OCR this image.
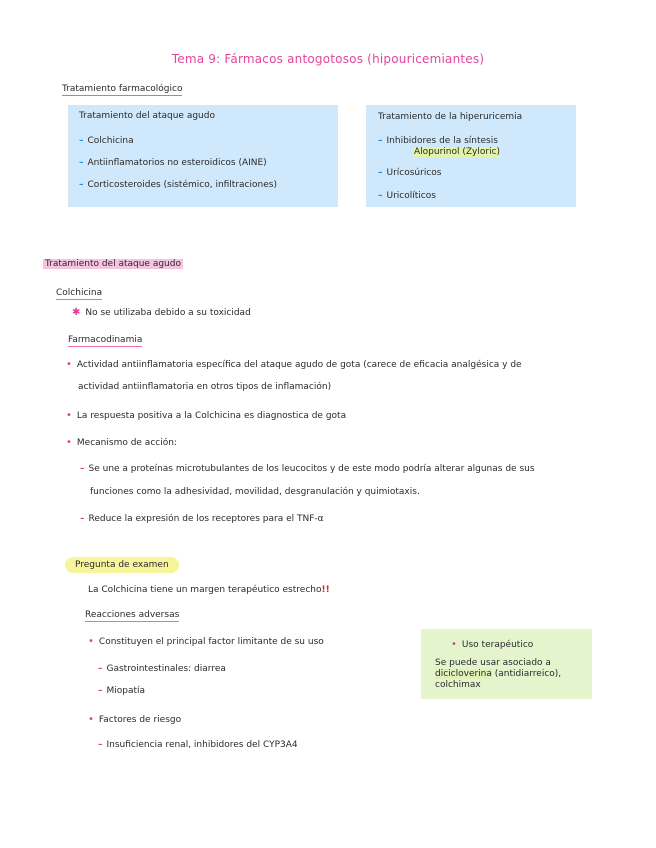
Tema 9: Fármacos antogotosos (hipouricemiantes)
Tratamiento farmacológico
Tratamiento del ataque agudo
– Colchicina
– Antiinflamatorios no esteroidicos (AINE)
– Corticosteroides (sistémico, infiltraciones)
Tratamiento de la hiperuricemia
– Inhibidores de la síntesis
Alopurinol (Zyloric)
– Urícosúricos
– Uricolíticos
Tratamiento del ataque agudo
Colchicina
✱ No se utilizaba debido a su toxicidad
Farmacodinamia
• Actividad antiinflamatoria específica del ataque agudo de gota (carece de eficacia analgésica y de
actividad antiinflamatoria en otros tipos de inflamación)
• La respuesta positiva a la Colchicina es diagnostica de gota
• Mecanismo de acción:
– Se une a proteínas microtubulantes de los leucocitos y de este modo podría alterar algunas de sus
funciones como la adhesividad, movilidad, desgranulación y quimiotaxis.
– Reduce la expresión de los receptores para el TNF-α
Pregunta de examen
La Colchicina tiene un margen terapéutico estrecho!!
Reacciones adversas
• Constituyen el principal factor limitante de su uso
– Gastrointestinales: diarrea
– Miopatía
• Factores de riesgo
– Insuficiencia renal, inhibidores del CYP3A4
• Uso terapéutico
Se puede usar asociado a
dicicloverina (antidiarreico),
colchimax
